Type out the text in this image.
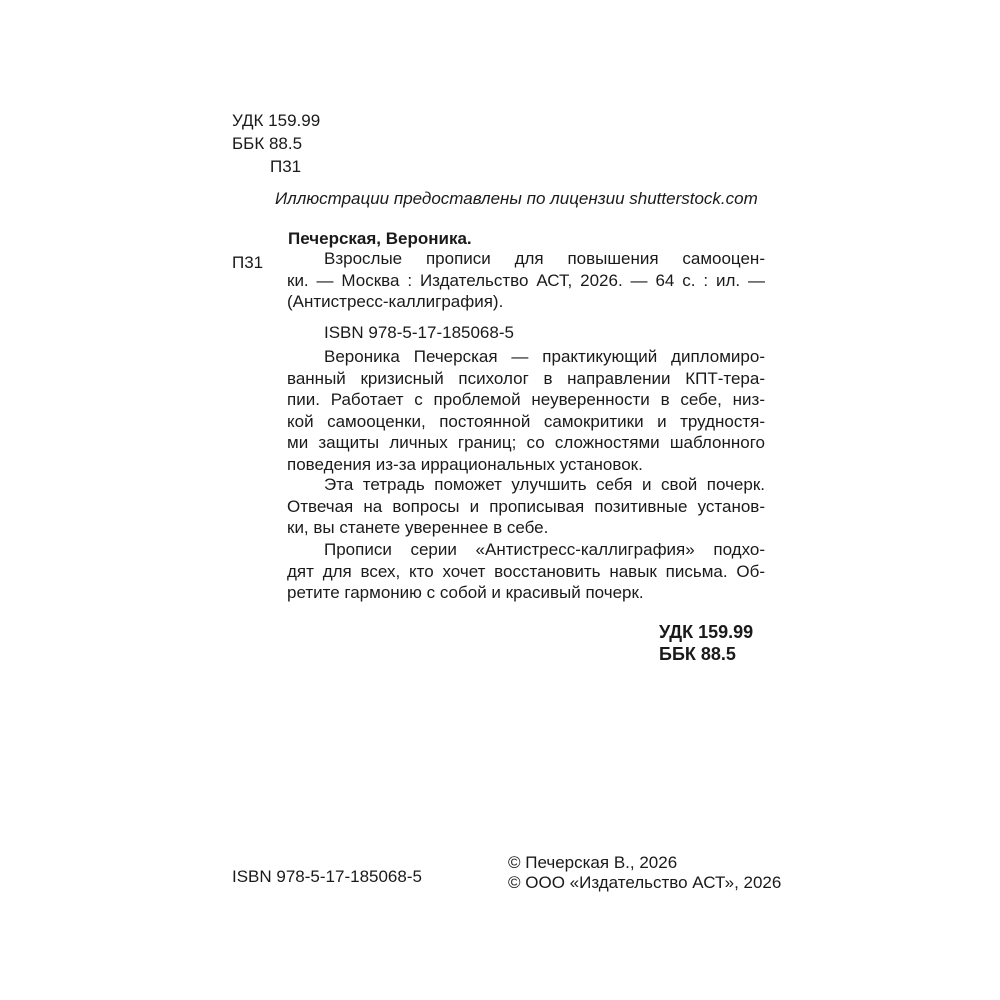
УДК 159.99
ББК 88.5
П31
Иллюстрации предоставлены по лицензии shutterstock.com
Печерская, Вероника.
П31	Взрослые прописи для повышения самооцен-
ки. — Москва : Издательство АСТ, 2026. — 64 с. : ил. —
(Антистресс-каллиграфия).
ISBN 978-5-17-185068-5
Вероника Печерская — практикующий дипломиро-
ванный кризисный психолог в направлении КПТ-тера-
пии. Работает с проблемой неуверенности в себе, низ-
кой самооценки, постоянной самокритики и трудностя-
ми защиты личных границ; со сложностями шаблонного
поведения из-за иррациональных установок.
Эта тетрадь поможет улучшить себя и свой почерк.
Отвечая на вопросы и прописывая позитивные установ-
ки, вы станете увереннее в себе.
Прописи серии «Антистресс-каллиграфия» подхо-
дят для всех, кто хочет восстановить навык письма. Об-
ретите гармонию с собой и красивый почерк.
УДК 159.99
ББК 88.5
ISBN 978-5-17-185068-5
© Печерская В., 2026
© ООО «Издательство АСТ», 2026
